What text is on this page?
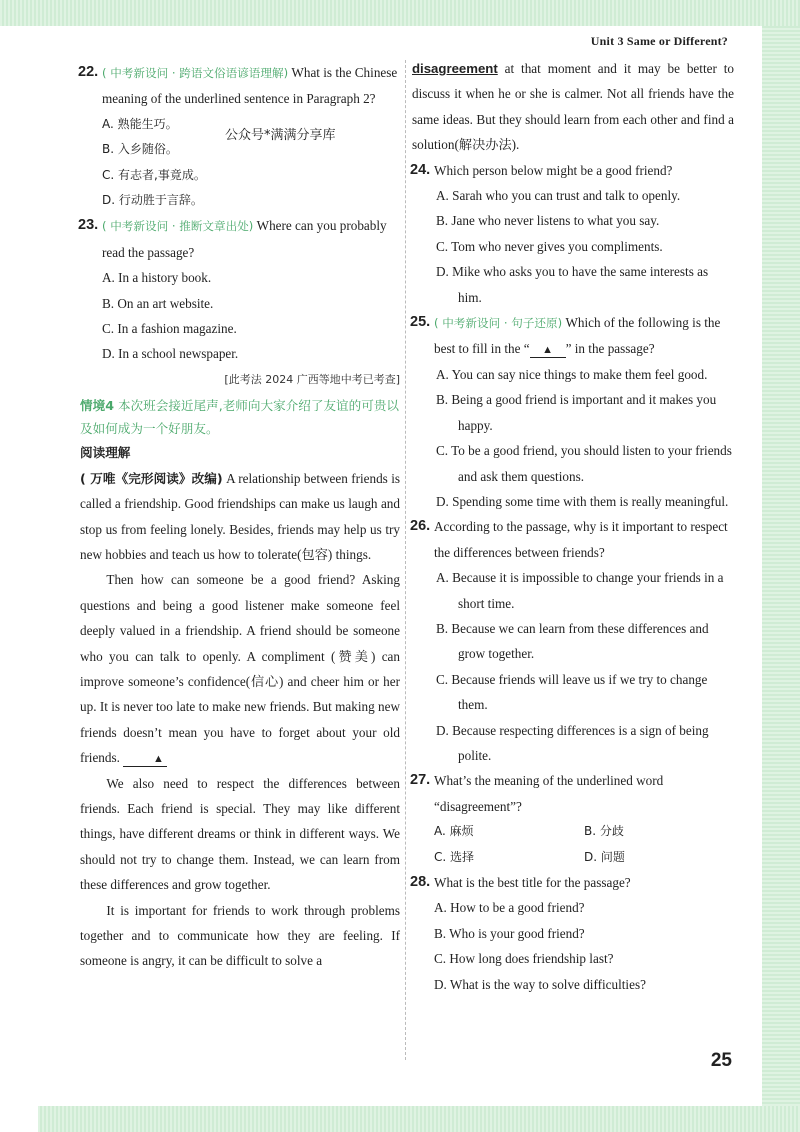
Unit 3 Same or Different?
公众号*满满分享库
22. ( 中考新设问 · 跨语文俗语谚语理解) What is the Chinese meaning of the underlined sentence in Paragraph 2?
A. 熟能生巧。
B. 入乡随俗。
C. 有志者,事竟成。
D. 行动胜于言辞。
23. ( 中考新设问 · 推断文章出处) Where can you probably read the passage?
A. In a history book.
B. On an art website.
C. In a fashion magazine.
D. In a school newspaper.
[此考法 2024 广西等地中考已考查]
情境4 本次班会接近尾声,老师向大家介绍了友谊的可贵以及如何成为一个好朋友。
阅读理解
( 万唯《完形阅读》改编) A relationship between friends is called a friendship. Good friendships can make us laugh and stop us from feeling lonely. Besides, friends may help us try new hobbies and teach us how to tolerate(包容) things.
Then how can someone be a good friend? Asking questions and being a good listener make someone feel deeply valued in a friendship. A friend should be someone who you can talk to openly. A compliment (赞美) can improve someone’s confidence(信心) and cheer him or her up. It is never too late to make new friends. But making new friends doesn’t mean you have to forget about your old friends.	▲
We also need to respect the differences between friends. Each friend is special. They may like different things, have different dreams or think in different ways. We should not try to change them. Instead, we can learn from these differences and grow together.
It is important for friends to work through problems together and to communicate how they are feeling. If someone is angry, it can be difficult to solve a
disagreement at that moment and it may be better to discuss it when he or she is calmer. Not all friends have the same ideas. But they should learn from each other and find a solution(解决办法).
24. Which person below might be a good friend?
A. Sarah who you can trust and talk to openly.
B. Jane who never listens to what you say.
C. Tom who never gives you compliments.
D. Mike who asks you to have the same interests as him.
25. ( 中考新设问 · 句子还原) Which of the following is the best to fill in the “ ▲ ” in the passage?
A. You can say nice things to make them feel good.
B. Being a good friend is important and it makes you happy.
C. To be a good friend, you should listen to your friends and ask them questions.
D. Spending some time with them is really meaningful.
26. According to the passage, why is it important to respect the differences between friends?
A. Because it is impossible to change your friends in a short time.
B. Because we can learn from these differences and grow together.
C. Because friends will leave us if we try to change them.
D. Because respecting differences is a sign of being polite.
27. What’s the meaning of the underlined word “disagreement”?
A. 麻烦	B. 分歧
C. 选择	D. 问题
28. What is the best title for the passage?
A. How to be a good friend?
B. Who is your good friend?
C. How long does friendship last?
D. What is the way to solve difficulties?
25
